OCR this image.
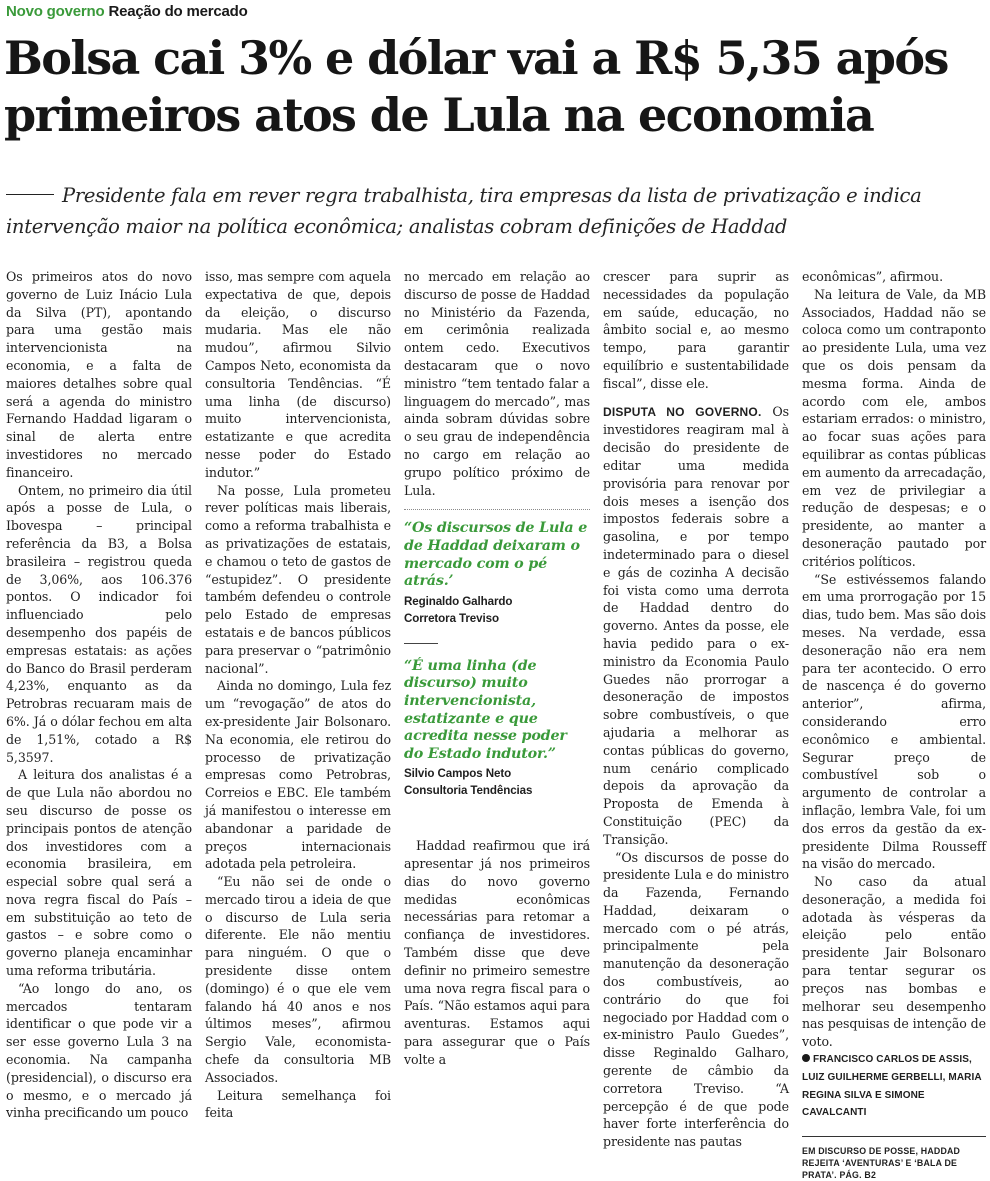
Novo governo Reação do mercado
Bolsa cai 3% e dólar vai a R$ 5,35 após primeiros atos de Lula na economia
Presidente fala em rever regra trabalhista, tira empresas da lista de privatização e indica intervenção maior na política econômica; analistas cobram definições de Haddad

Os primeiros atos do novo governo de Luiz Inácio Lula da Silva (PT), apontando para uma gestão mais intervencionista na economia, e a falta de maiores detalhes sobre qual será a agenda do ministro Fernando Haddad ligaram o sinal de alerta entre investidores no mercado financeiro.

Ontem, no primeiro dia útil após a posse de Lula, o Ibovespa – principal referência da B3, a Bolsa brasileira – registrou queda de 3,06%, aos 106.376 pontos. O indicador foi influenciado pelo desempenho dos papéis de empresas estatais: as ações do Banco do Brasil perderam 4,23%, enquanto as da Petrobras recuaram mais de 6%. Já o dólar fechou em alta de 1,51%, cotado a R$ 5,3597.

A leitura dos analistas é a de que Lula não abordou no seu discurso de posse os principais pontos de atenção dos investidores com a economia brasileira, em especial sobre qual será a nova regra fiscal do País – em substituição ao teto de gastos – e sobre como o governo planeja encaminhar uma reforma tributária.

“Ao longo do ano, os mercados tentaram identificar o que pode vir a ser esse governo Lula 3 na economia. Na campanha (presidencial), o discurso era o mesmo, e o mercado já vinha precificando um pouco

isso, mas sempre com aquela expectativa de que, depois da eleição, o discurso mudaria. Mas ele não mudou”, afirmou Silvio Campos Neto, economista da consultoria Tendências. “É uma linha (de discurso) muito intervencionista, estatizante e que acredita nesse poder do Estado indutor.”

Na posse, Lula prometeu rever políticas mais liberais, como a reforma trabalhista e as privatizações de estatais, e chamou o teto de gastos de “estupidez”. O presidente também defendeu o controle pelo Estado de empresas estatais e de bancos públicos para preservar o “patrimônio nacional”.

Ainda no domingo, Lula fez um “revogação” de atos do ex-presidente Jair Bolsonaro. Na economia, ele retirou do processo de privatização empresas como Petrobras, Correios e EBC. Ele também já manifestou o interesse em abandonar a paridade de preços internacionais adotada pela petroleira.

“Eu não sei de onde o mercado tirou a ideia de que o discurso de Lula seria diferente. Ele não mentiu para ninguém. O que o presidente disse ontem (domingo) é o que ele vem falando há 40 anos e nos últimos meses”, afirmou Sergio Vale, economista-chefe da consultoria MB Associados.

Leitura semelhança foi feita

no mercado em relação ao discurso de posse de Haddad no Ministério da Fazenda, em cerimônia realizada ontem cedo. Executivos destacaram que o novo ministro “tem tentado falar a linguagem do mercado”, mas ainda sobram dúvidas sobre o seu grau de independência no cargo em relação ao grupo político próximo de Lula.

“Os discursos de Lula e de Haddad deixaram o mercado com o pé atrás.’
Reginaldo Galhardo
Corretora Treviso
“É uma linha (de discurso) muito intervencionista, estatizante e que acredita nesse poder do Estado indutor.”
Silvio Campos Neto
Consultoria Tendências

Haddad reafirmou que irá apresentar já nos primeiros dias do novo governo medidas econômicas necessárias para retomar a confiança de investidores. Também disse que deve definir no primeiro semestre uma nova regra fiscal para o País. “Não estamos aqui para aventuras. Estamos aqui para assegurar que o País volte a

crescer para suprir as necessidades da população em saúde, educação, no âmbito social e, ao mesmo tempo, para garantir equilíbrio e sustentabilidade fiscal”, disse ele.

DISPUTA NO GOVERNO. Os investidores reagiram mal à decisão do presidente de editar uma medida provisória para renovar por dois meses a isenção dos impostos federais sobre a gasolina, e por tempo indeterminado para o diesel e gás de cozinha A decisão foi vista como uma derrota de Haddad dentro do governo. Antes da posse, ele havia pedido para o ex-ministro da Economia Paulo Guedes não prorrogar a desoneração de impostos sobre combustíveis, o que ajudaria a melhorar as contas públicas do governo, num cenário complicado depois da aprovação da Proposta de Emenda à Constituição (PEC) da Transição.

“Os discursos de posse do presidente Lula e do ministro da Fazenda, Fernando Haddad, deixaram o mercado com o pé atrás, principalmente pela manutenção da desoneração dos combustíveis, ao contrário do que foi negociado por Haddad com o ex-ministro Paulo Guedes”, disse Reginaldo Galharo, gerente de câmbio da corretora Treviso. “A percepção é de que pode haver forte interferência do presidente nas pautas

econômicas”, afirmou.

Na leitura de Vale, da MB Associados, Haddad não se coloca como um contraponto ao presidente Lula, uma vez que os dois pensam da mesma forma. Ainda de acordo com ele, ambos estariam errados: o ministro, ao focar suas ações para equilibrar as contas públicas em aumento da arrecadação, em vez de privilegiar a redução de despesas; e o presidente, ao manter a desoneração pautado por critérios políticos.

“Se estivéssemos falando em uma prorrogação por 15 dias, tudo bem. Mas são dois meses. Na verdade, essa desoneração não era nem para ter acontecido. O erro de nascença é do governo anterior”, afirma, considerando erro econômico e ambiental. Segurar preço de combustível sob o argumento de controlar a inflação, lembra Vale, foi um dos erros da gestão da ex-presidente Dilma Rousseff na visão do mercado.

No caso da atual desoneração, a medida foi adotada às vésperas da eleição pelo então presidente Jair Bolsonaro para tentar segurar os preços nas bombas e melhorar seu desempenho nas pesquisas de intenção de voto.

FRANCISCO CARLOS DE ASSIS, LUIZ GUILHERME GERBELLI, MARIA REGINA SILVA E SIMONE CAVALCANTI
EM DISCURSO DE POSSE, HADDAD REJEITA ‘AVENTURAS’ E ‘BALA DE PRATA’. PÁG. B2
